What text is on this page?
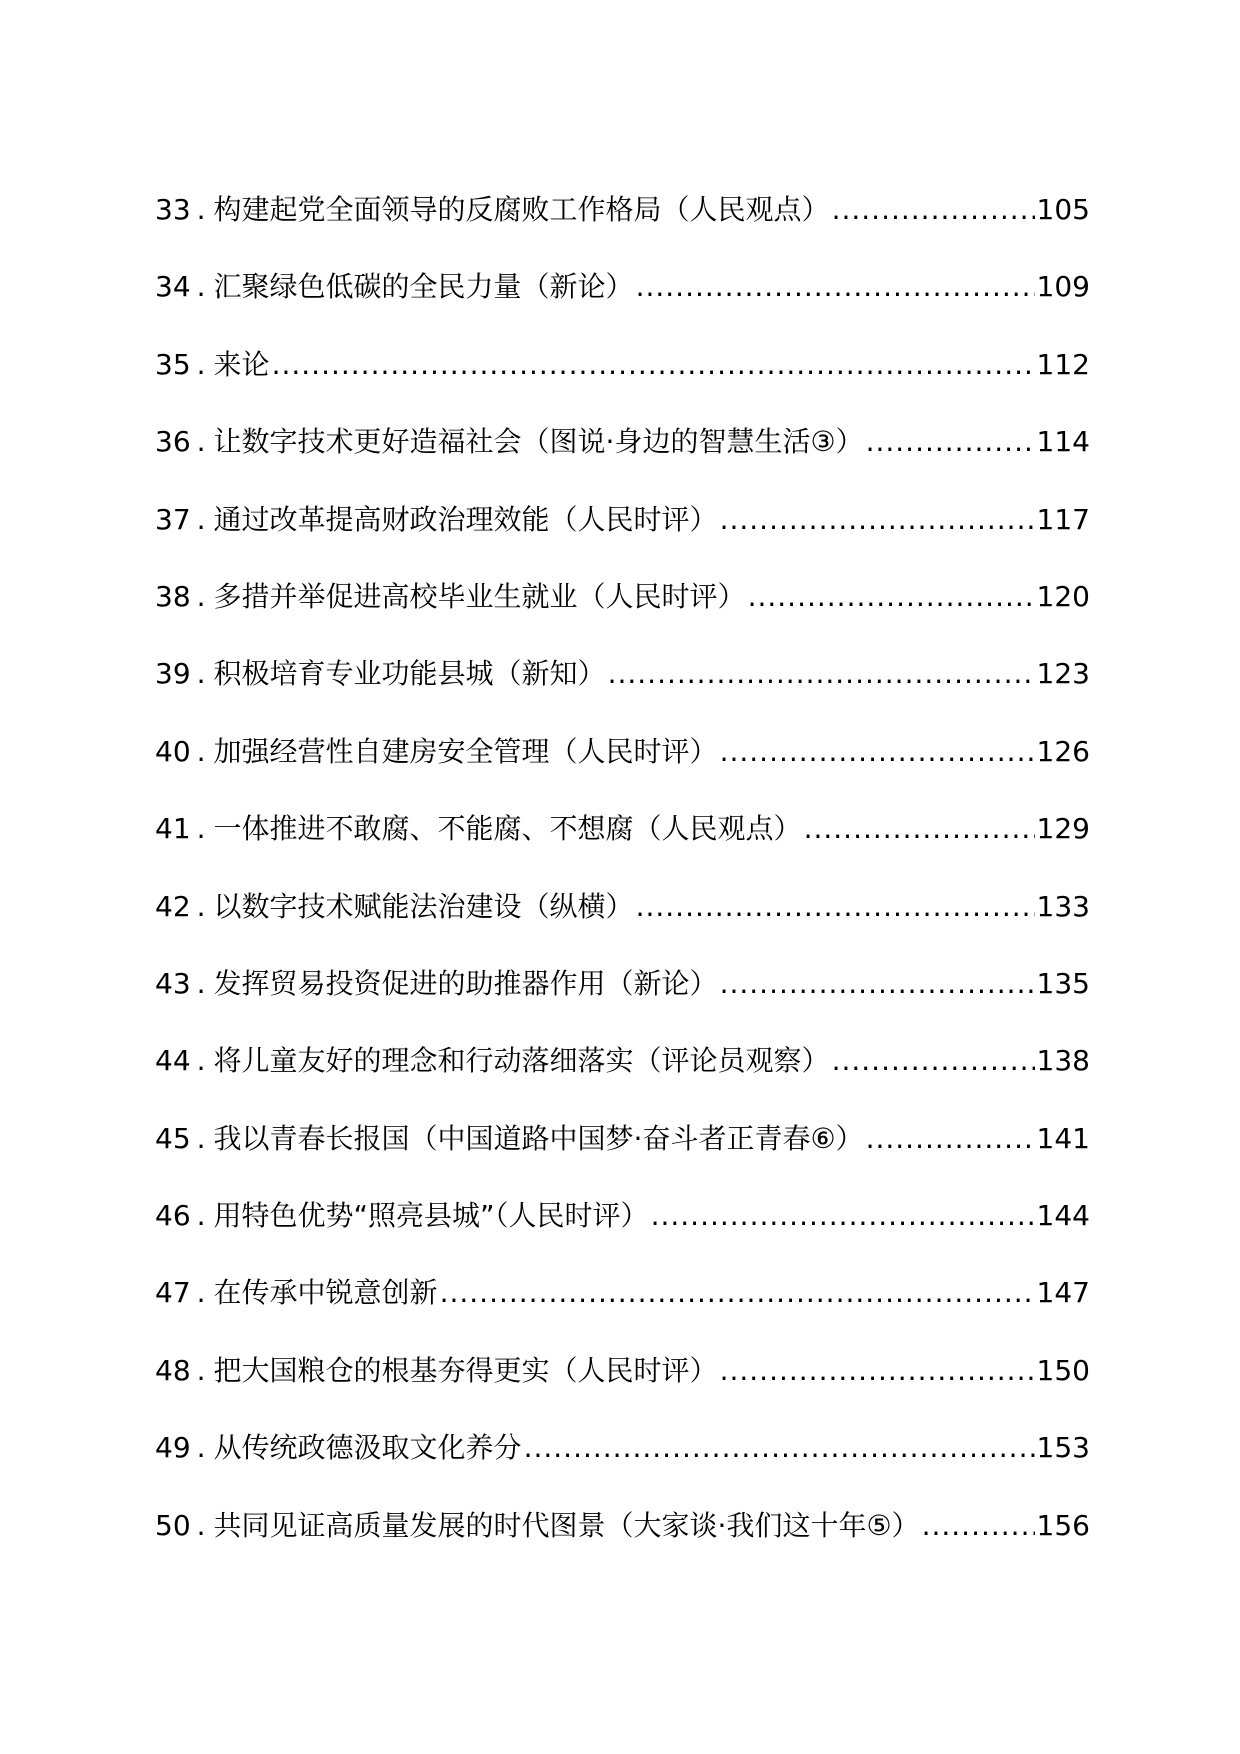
33 . 构建起党全面领导的反腐败工作格局（人民观点） .....	105
34 . 汇聚绿色低碳的全民力量（新论） .....	109
35 . 来论 .....	112
36 . 让数字技术更好造福社会（图说·身边的智慧生活③） .....	114
37 . 通过改革提高财政治理效能（人民时评） .....	117
38 . 多措并举促进高校毕业生就业（人民时评） .....	120
39 . 积极培育专业功能县城（新知） .....	123
40 . 加强经营性自建房安全管理（人民时评） .....	126
41 . 一体推进不敢腐、不能腐、不想腐（人民观点） .....	129
42 . 以数字技术赋能法治建设（纵横） .....	133
43 . 发挥贸易投资促进的助推器作用（新论） .....	135
44 . 将儿童友好的理念和行动落细落实（评论员观察） .....	138
45 . 我以青春长报国（中国道路中国梦·奋斗者正青春⑥） .....	141
46 . 用特色优势“照亮县城”（人民时评） .....	144
47 . 在传承中锐意创新 .....	147
48 . 把大国粮仓的根基夯得更实（人民时评） .....	150
49 . 从传统政德汲取文化养分 .....	153
50 . 共同见证高质量发展的时代图景（大家谈·我们这十年⑤） .....	156
